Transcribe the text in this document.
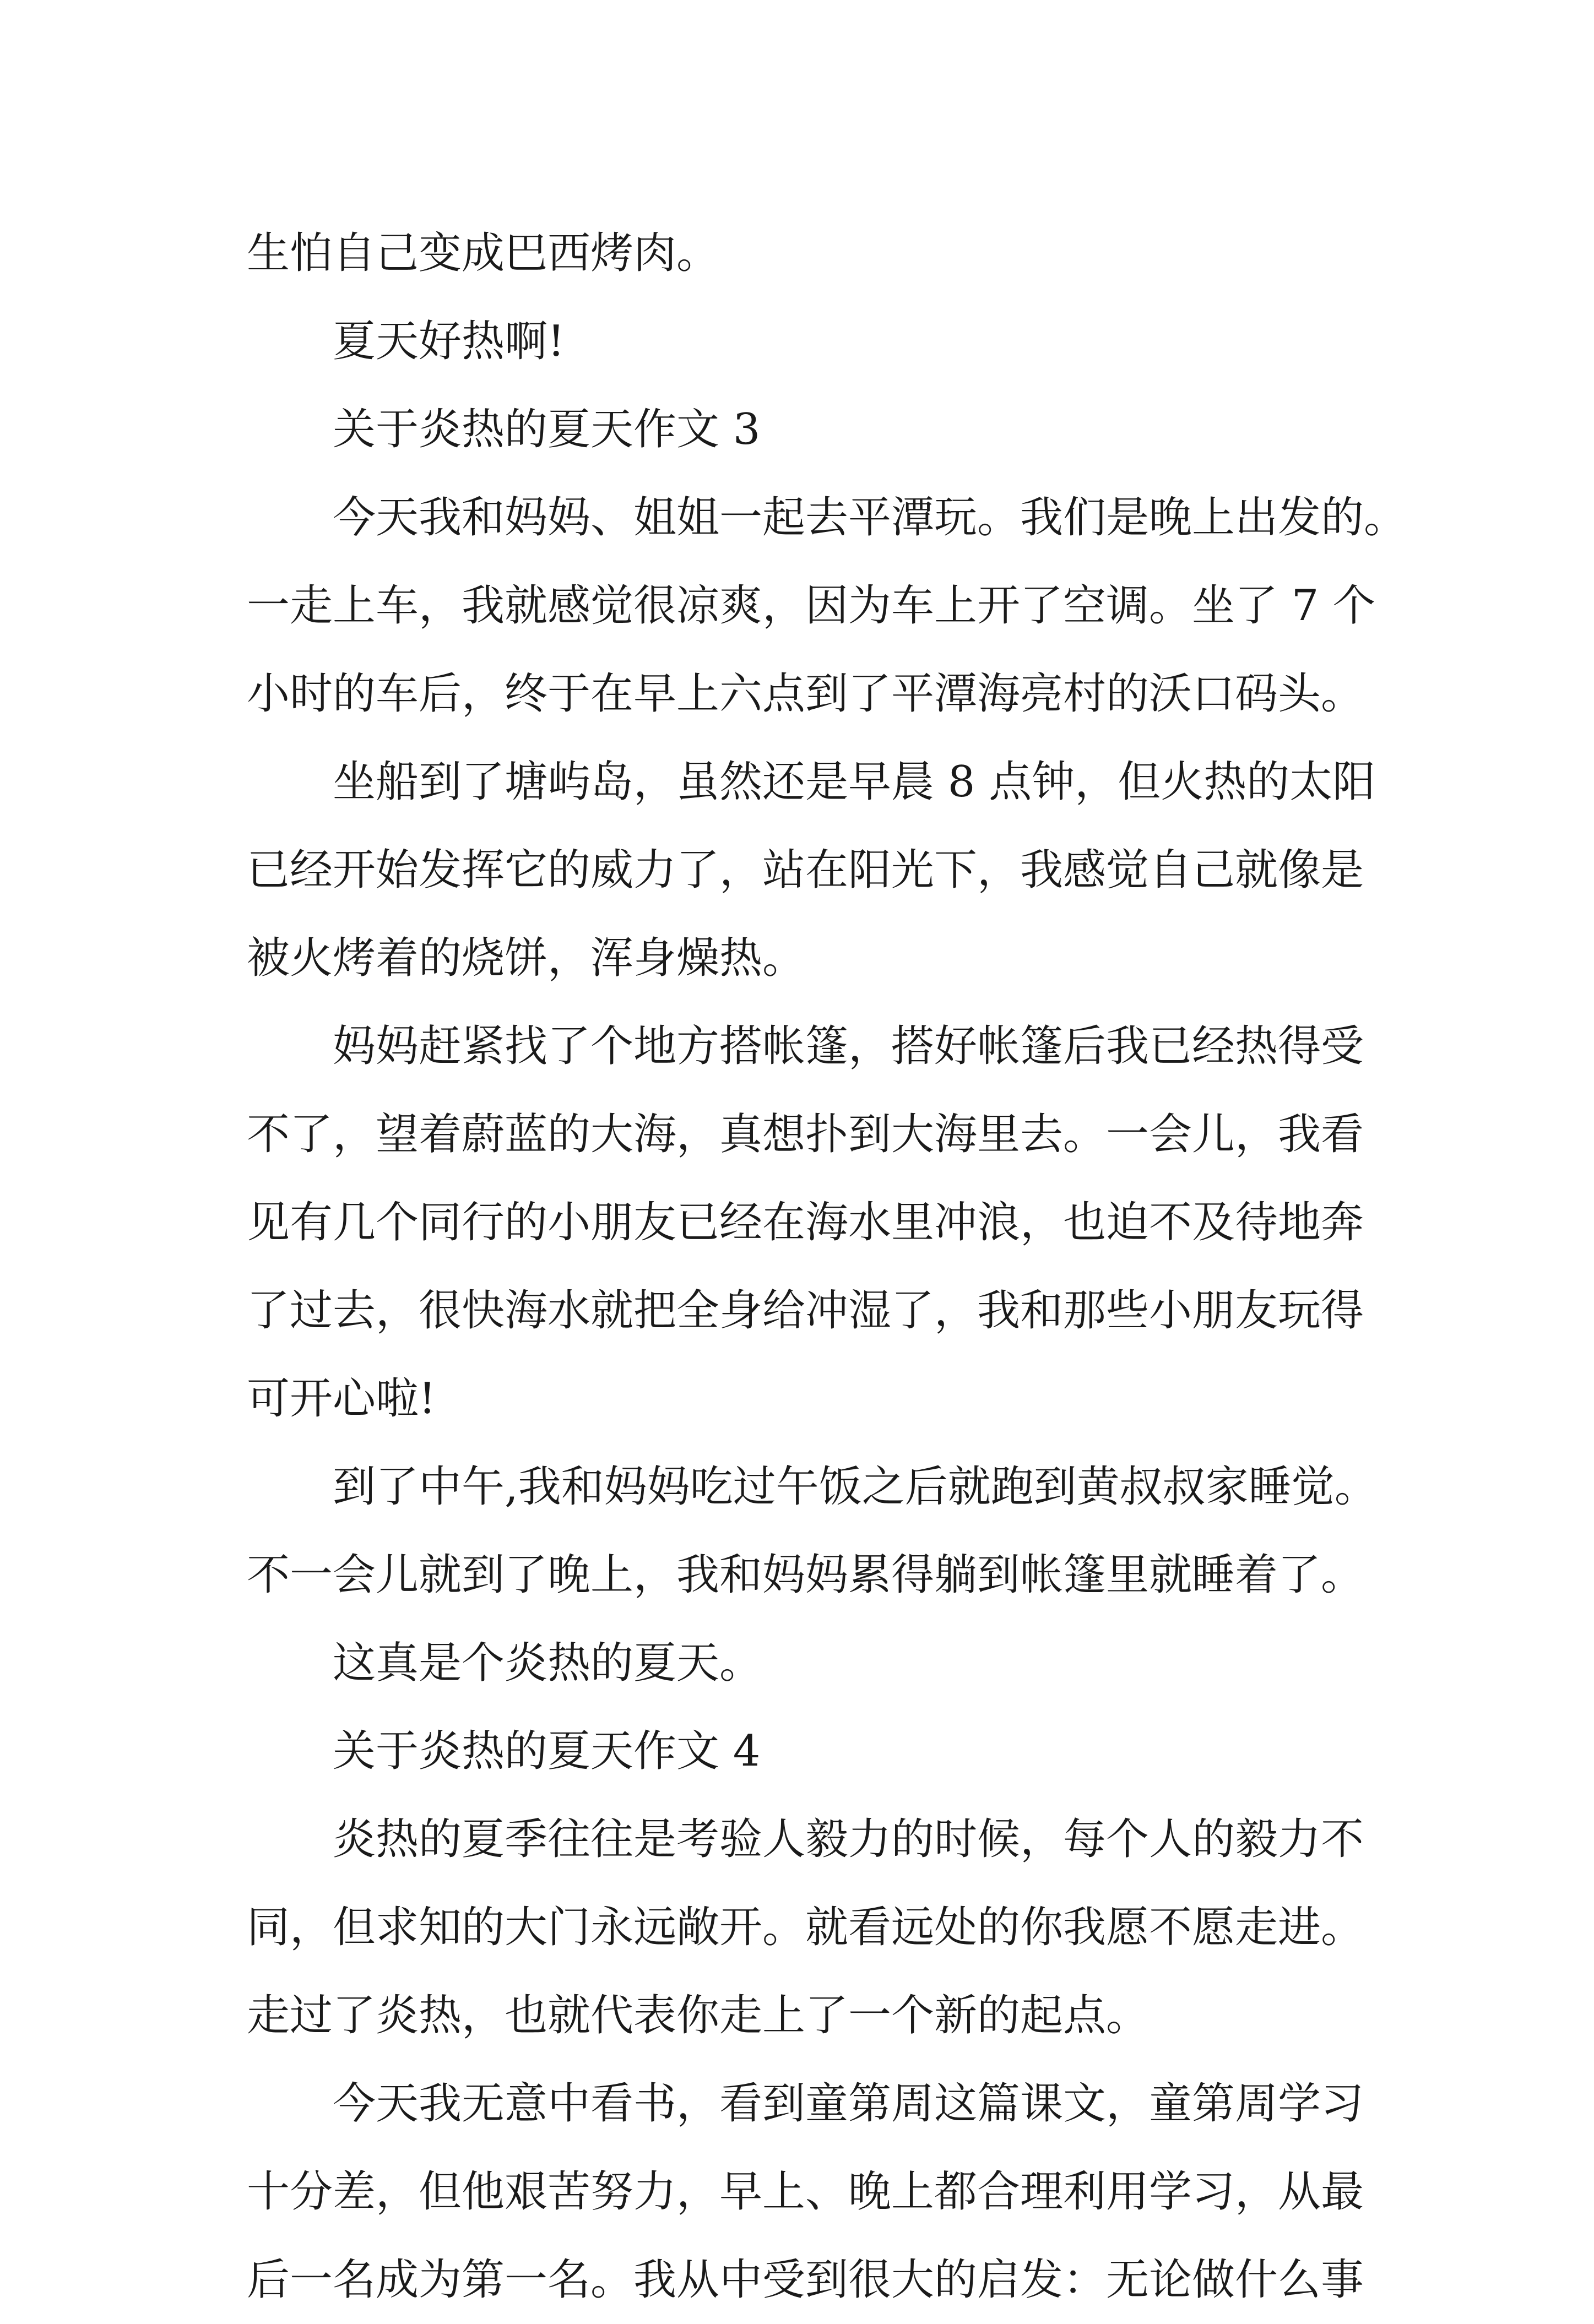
生怕自己变成巴西烤肉。
夏天好热啊!
关于炎热的夏天作文 3
今天我和妈妈、姐姐一起去平潭玩。我们是晚上出发的。
一走上车，我就感觉很凉爽，因为车上开了空调。坐了 7 个
小时的车后，终于在早上六点到了平潭海亮村的沃口码头。
坐船到了塘屿岛，虽然还是早晨 8 点钟，但火热的太阳
已经开始发挥它的威力了，站在阳光下，我感觉自己就像是
被火烤着的烧饼，浑身燥热。
妈妈赶紧找了个地方搭帐篷，搭好帐篷后我已经热得受
不了，望着蔚蓝的大海，真想扑到大海里去。一会儿，我看
见有几个同行的小朋友已经在海水里冲浪，也迫不及待地奔
了过去，很快海水就把全身给冲湿了，我和那些小朋友玩得
可开心啦!
到了中午,我和妈妈吃过午饭之后就跑到黄叔叔家睡觉。
不一会儿就到了晚上，我和妈妈累得躺到帐篷里就睡着了。
这真是个炎热的夏天。
关于炎热的夏天作文 4
炎热的夏季往往是考验人毅力的时候，每个人的毅力不
同，但求知的大门永远敞开。就看远处的你我愿不愿走进。
走过了炎热，也就代表你走上了一个新的起点。
今天我无意中看书，看到童第周这篇课文，童第周学习
十分差，但他艰苦努力，早上、晚上都合理利用学习，从最
后一名成为第一名。我从中受到很大的启发：无论做什么事
